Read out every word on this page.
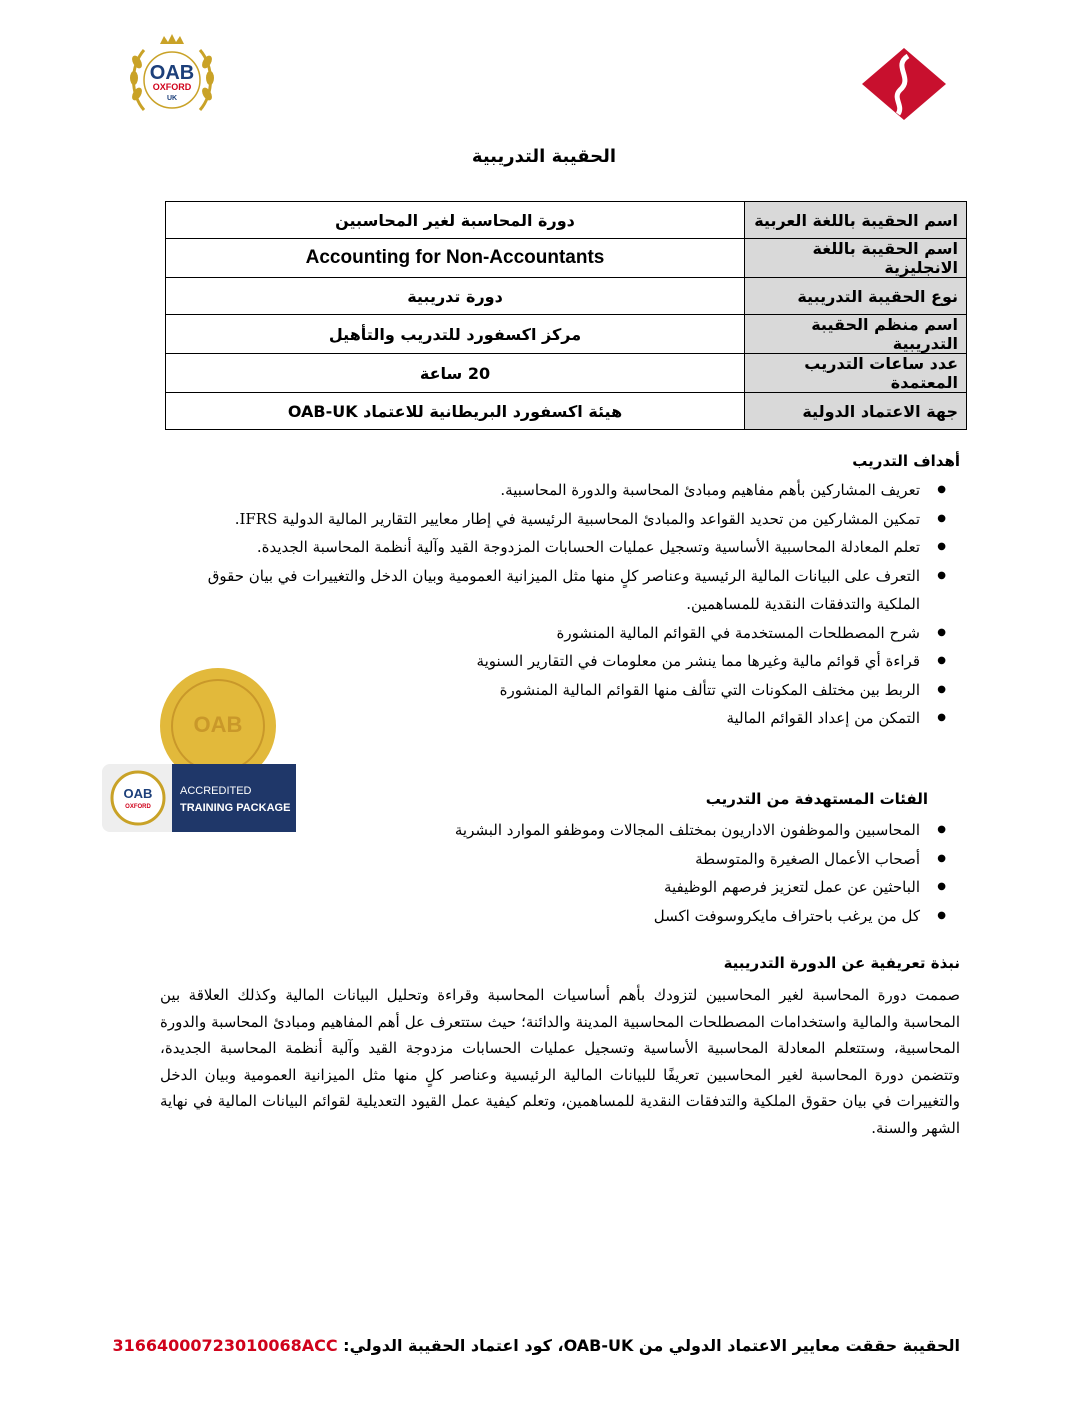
OAB
OXFORD
UK
الحقيبة التدريبية
اسم الحقيبة باللغة العربية	دورة المحاسبة لغير المحاسبين
اسم الحقيبة باللغة الانجليزية	Accounting for Non-Accountants
نوع الحقيبة التدريبية	دورة تدريبية
اسم منظم الحقيبة التدريبية	مركز اكسفورد للتدريب والتأهيل
عدد ساعات التدريب المعتمدة	20 ساعة
جهة الاعتماد الدولية	هيئة اكسفورد البريطانية للاعتماد OAB-UK
أهداف التدريب
● تعريف المشاركين بأهم مفاهيم ومبادئ المحاسبة والدورة المحاسبية.
● تمكين المشاركين من تحديد القواعد والمبادئ المحاسبية الرئيسية في إطار معايير التقارير المالية الدولية IFRS.
● تعلم المعادلة المحاسبية الأساسية وتسجيل عمليات الحسابات المزدوجة القيد وآلية أنظمة المحاسبة الجديدة.
● التعرف على البيانات المالية الرئيسية وعناصر كلٍ منها مثل الميزانية العمومية وبيان الدخل والتغييرات في بيان حقوق الملكية والتدفقات النقدية للمساهمين.
● شرح المصطلحات المستخدمة في القوائم المالية المنشورة
● قراءة أي قوائم مالية وغيرها مما ينشر من معلومات في التقارير السنوية
● الربط بين مختلف المكونات التي تتألف منها القوائم المالية المنشورة
● التمكن من إعداد القوائم المالية
OAB
OAB
OXFORD
ACCREDITED
TRAINING PACKAGE	الفئات المستهدفة من التدريب
● المحاسبين والموظفون الاداريون بمختلف المجالات وموظفو الموارد البشرية
● أصحاب الأعمال الصغيرة والمتوسطة
● الباحثين عن عمل لتعزيز فرصهم الوظيفية
● كل من يرغب باحتراف مايكروسوفت اكسل
نبذة تعريفية عن الدورة التدريبية
صممت دورة المحاسبة لغير المحاسبين لتزودك بأهم أساسيات المحاسبة وقراءة وتحليل البيانات المالية وكذلك العلاقة بين المحاسبة والمالية واستخدامات المصطلحات المحاسبية المدينة والدائنة؛ حيث ستتعرف عل أهم المفاهيم ومبادئ المحاسبة والدورة المحاسبية، وستتعلم المعادلة المحاسبية الأساسية وتسجيل عمليات الحسابات مزدوجة القيد وآلية أنظمة المحاسبة الجديدة، وتتضمن دورة المحاسبة لغير المحاسبين تعريفًا للبيانات المالية الرئيسية وعناصر كلٍ منها مثل الميزانية العمومية وبيان الدخل والتغييرات في بيان حقوق الملكية والتدفقات النقدية للمساهمين، وتعلم كيفية عمل القيود التعديلية لقوائم البيانات المالية في نهاية الشهر والسنة.
الحقيبة حققت معايير الاعتماد الدولي من OAB-UK، كود اعتماد الحقيبة الدولي: 31664000723010068ACC
